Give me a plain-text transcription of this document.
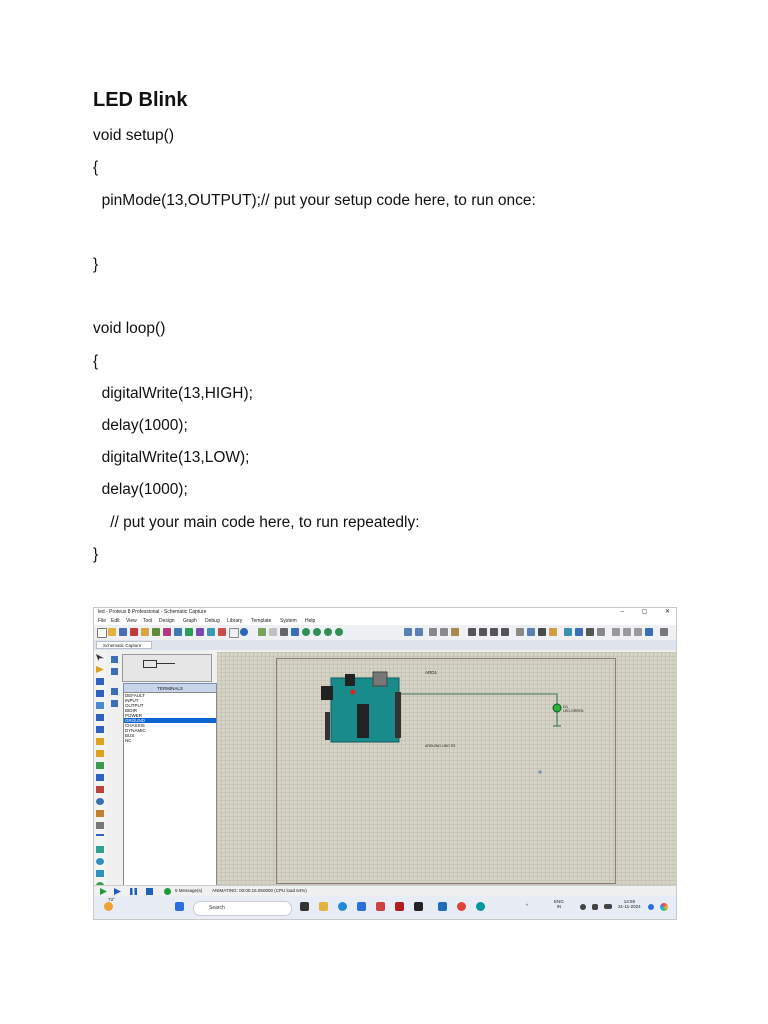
LED Blink
void setup()
{
pinMode(13,OUTPUT);// put your setup code here, to run once:
}
void loop()
{
digitalWrite(13,HIGH);
delay(1000);
digitalWrite(13,LOW);
delay(1000);
// put your main code here, to run repeatedly:
}
led - Proteus 8 Professional - Schematic Capture	–	▢	✕
File Edit View Tool Design Graph Debug Library Template System Help
Schematic Capture
TERMINALS
DEFAULT
INPUT
OUTPUT
BIDIR
POWER
GROUND
CHASSIS
DYNAMIC
BUS
NC
ARD1
D1
LED-GREEN
ARDUINO UNO R3
5 Message(s) ANIMATING: 00:00:16.050000 (CPU load 64%)
73°
Search	^
ENG
IN
14:59
31-11-2024
